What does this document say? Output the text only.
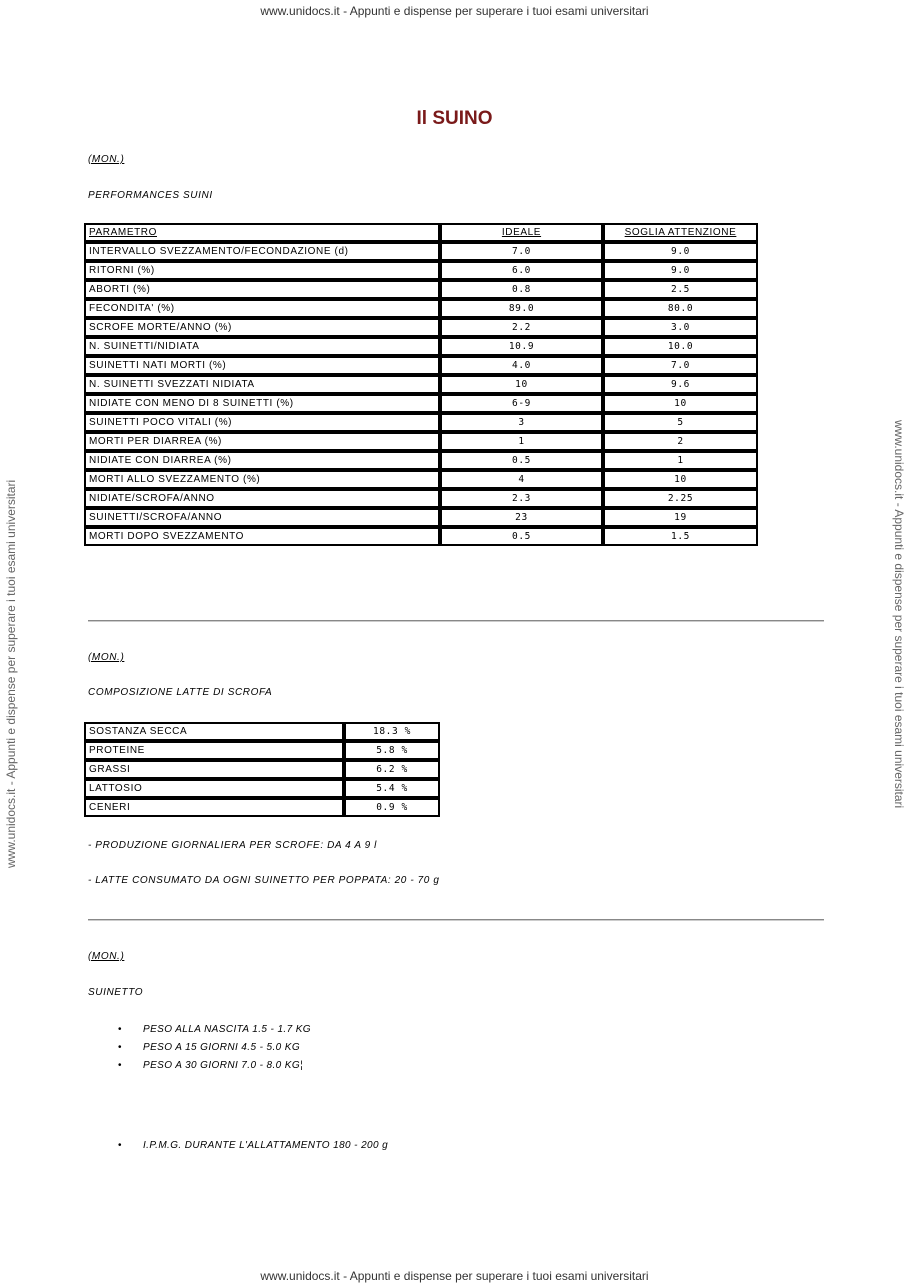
www.unidocs.it - Appunti e dispense per superare i tuoi esami universitari
www.unidocs.it - Appunti e dispense per superare i tuoi esami universitari	www.unidocs.it - Appunti e dispense per superare i tuoi esami universitari
Il SUINO
(MON.)
PERFORMANCES SUINI
PARAMETRO	IDEALE	SOGLIA ATTENZIONE
INTERVALLO SVEZZAMENTO/FECONDAZIONE (d)	7.0	9.0
RITORNI (%)	6.0	9.0
ABORTI (%)	0.8	2.5
FECONDITA' (%)	89.0	80.0
SCROFE MORTE/ANNO (%)	2.2	3.0
N. SUINETTI/NIDIATA	10.9	10.0
SUINETTI NATI MORTI (%)	4.0	7.0
N. SUINETTI SVEZZATI NIDIATA	10	9.6
NIDIATE CON MENO DI 8 SUINETTI (%)	6-9	10
SUINETTI POCO VITALI (%)	3	5
MORTI PER DIARREA (%)	1	2
NIDIATE CON DIARREA (%)	0.5	1
MORTI ALLO SVEZZAMENTO (%)	4	10
NIDIATE/SCROFA/ANNO	2.3	2.25
SUINETTI/SCROFA/ANNO	23	19
MORTI DOPO SVEZZAMENTO	0.5	1.5
(MON.)
COMPOSIZIONE LATTE DI SCROFA
SOSTANZA SECCA	18.3 %
PROTEINE	5.8 %
GRASSI	6.2 %
LATTOSIO	5.4 %
CENERI	0.9 %
- PRODUZIONE GIORNALIERA PER SCROFE: DA 4 A 9 l
- LATTE CONSUMATO DA OGNI SUINETTO PER POPPATA: 20 - 70 g
(MON.)
SUINETTO
• PESO ALLA NASCITA 1.5 - 1.7 KG
• PESO A 15 GIORNI 4.5 - 5.0 KG
• PESO A 30 GIORNI 7.0 - 8.0 KG¦
• I.P.M.G. DURANTE L'ALLATTAMENTO 180 - 200 g
www.unidocs.it - Appunti e dispense per superare i tuoi esami universitari
